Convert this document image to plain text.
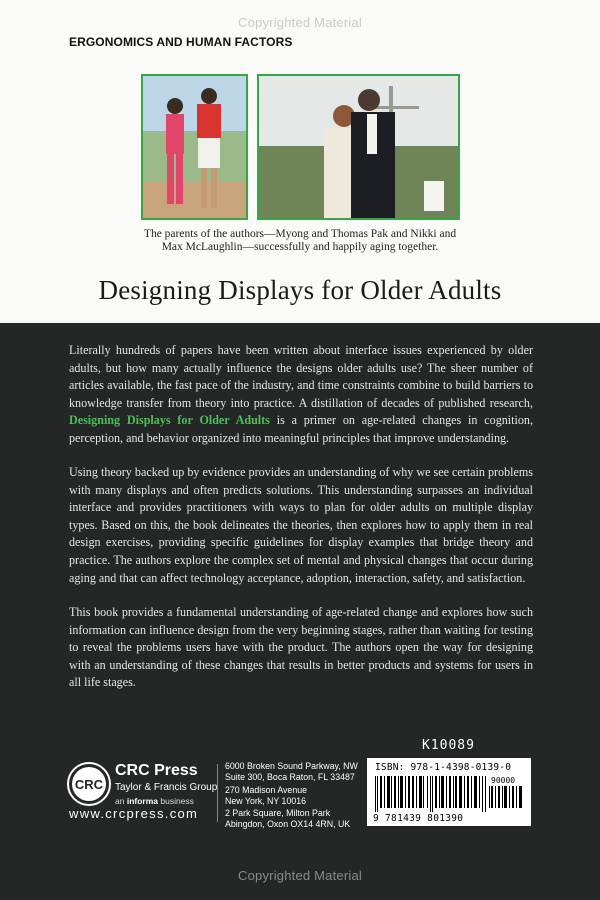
Copyrighted Material
ERGONOMICS AND HUMAN FACTORS
The parents of the authors—Myong and Thomas Pak and Nikki and
Max McLaughlin—successfully and happily aging together.
Designing Displays for Older Adults

Literally hundreds of papers have been written about interface issues experienced by older adults, but how many actually influence the designs older adults use? The sheer number of articles available, the fast pace of the industry, and time constraints combine to build barriers to knowledge transfer from theory into practice. A distillation of decades of published research, Designing Displays for Older Adults is a primer on age-related changes in cognition, perception, and behavior organized into meaningful principles that improve understanding.

Using theory backed up by evidence provides an understanding of why we see certain problems with many displays and often predicts solutions. This understanding surpasses an individual interface and provides practitioners with ways to plan for older adults on multiple display types. Based on this, the book delineates the theories, then explores how to apply them in real design exercises, providing specific guidelines for display examples that bridge theory and practice. The authors explore the complex set of mental and physical changes that occur during aging and that can affect technology acceptance, adoption, interaction, safety, and satisfaction.

This book provides a fundamental understanding of age-related change and explores how such information can influence design from the very beginning stages, rather than waiting for testing to reveal the problems users have with the product. The authors open the way for designing with an understanding of these changes that results in better products and systems for users in all life stages.

K10089
ISBN: 978-1-4398-0139-0
90000
9 781439 801390
CRC
CRC Press
Taylor & Francis Group
an informa business
www.crcpress.com
6000 Broken Sound Parkway, NW
Suite 300, Boca Raton, FL 33487
270 Madison Avenue
New York, NY 10016
2 Park Square, Milton Park
Abingdon, Oxon OX14 4RN, UK
Copyrighted Material
